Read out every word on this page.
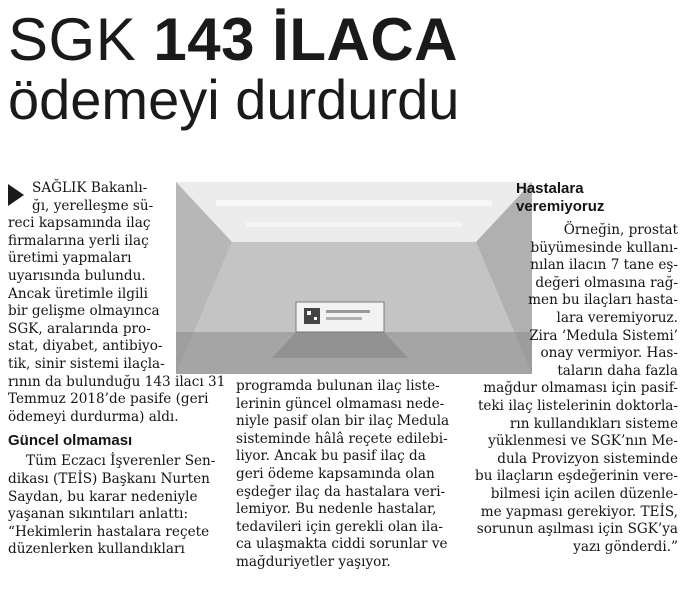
SGK 143 İLACA
ödemeyi durdurdu

SAĞLIK Bakanlı-

ğı, yerelleşme sü-

reci kapsamında ilaç

firmalarına yerli ilaç

üretimi yapmaları

uyarısında bulundu.

Ancak üretimle ilgili

bir gelişme olmayınca

SGK, aralarında pro-

stat, diyabet, antibiyo-

tik, sinir sistemi ilaçla-

rının da bulunduğu 143 ilacı 31

Temmuz 2018’de pasife (geri

ödemeyi durdurma) aldı.

Güncel olmaması

Tüm Eczacı İşverenler Sen-

dikası (TEİS) Başkanı Nurten

Saydan, bu karar nedeniyle

yaşanan sıkıntıları anlattı:

“Hekimlerin hastalara reçete

düzenlerken kullandıkları

programda bulunan ilaç liste-

lerinin güncel olmaması nede-

niyle pasif olan bir ilaç Medula

sisteminde hâlâ reçete edilebi-

liyor. Ancak bu pasif ilaç da

geri ödeme kapsamında olan

eşdeğer ilaç da hastalara veri-

lemiyor. Bu nedenle hastalar,

tedavileri için gerekli olan ila-

ca ulaşmakta ciddi sorunlar ve

mağduriyetler yaşıyor.

Hastalara
veremiyoruz

Örneğin, prostat

büyümesinde kullanı-

nılan ilacın 7 tane eş-

değeri olmasına rağ-

men bu ilaçları hasta-

lara veremiyoruz.

Zira ‘Medula Sistemi’

onay vermiyor. Has-

taların daha fazla

mağdur olmaması için pasif-

teki ilaç listelerinin doktorla-

rın kullandıkları sisteme

yüklenmesi ve SGK’nın Me-

dula Provizyon sisteminde

bu ilaçların eşdeğerinin vere-

bilmesi için acilen düzenle-

me yapması gerekiyor. TEİS,

sorunun aşılması için SGK’ya

yazı gönderdi.”
